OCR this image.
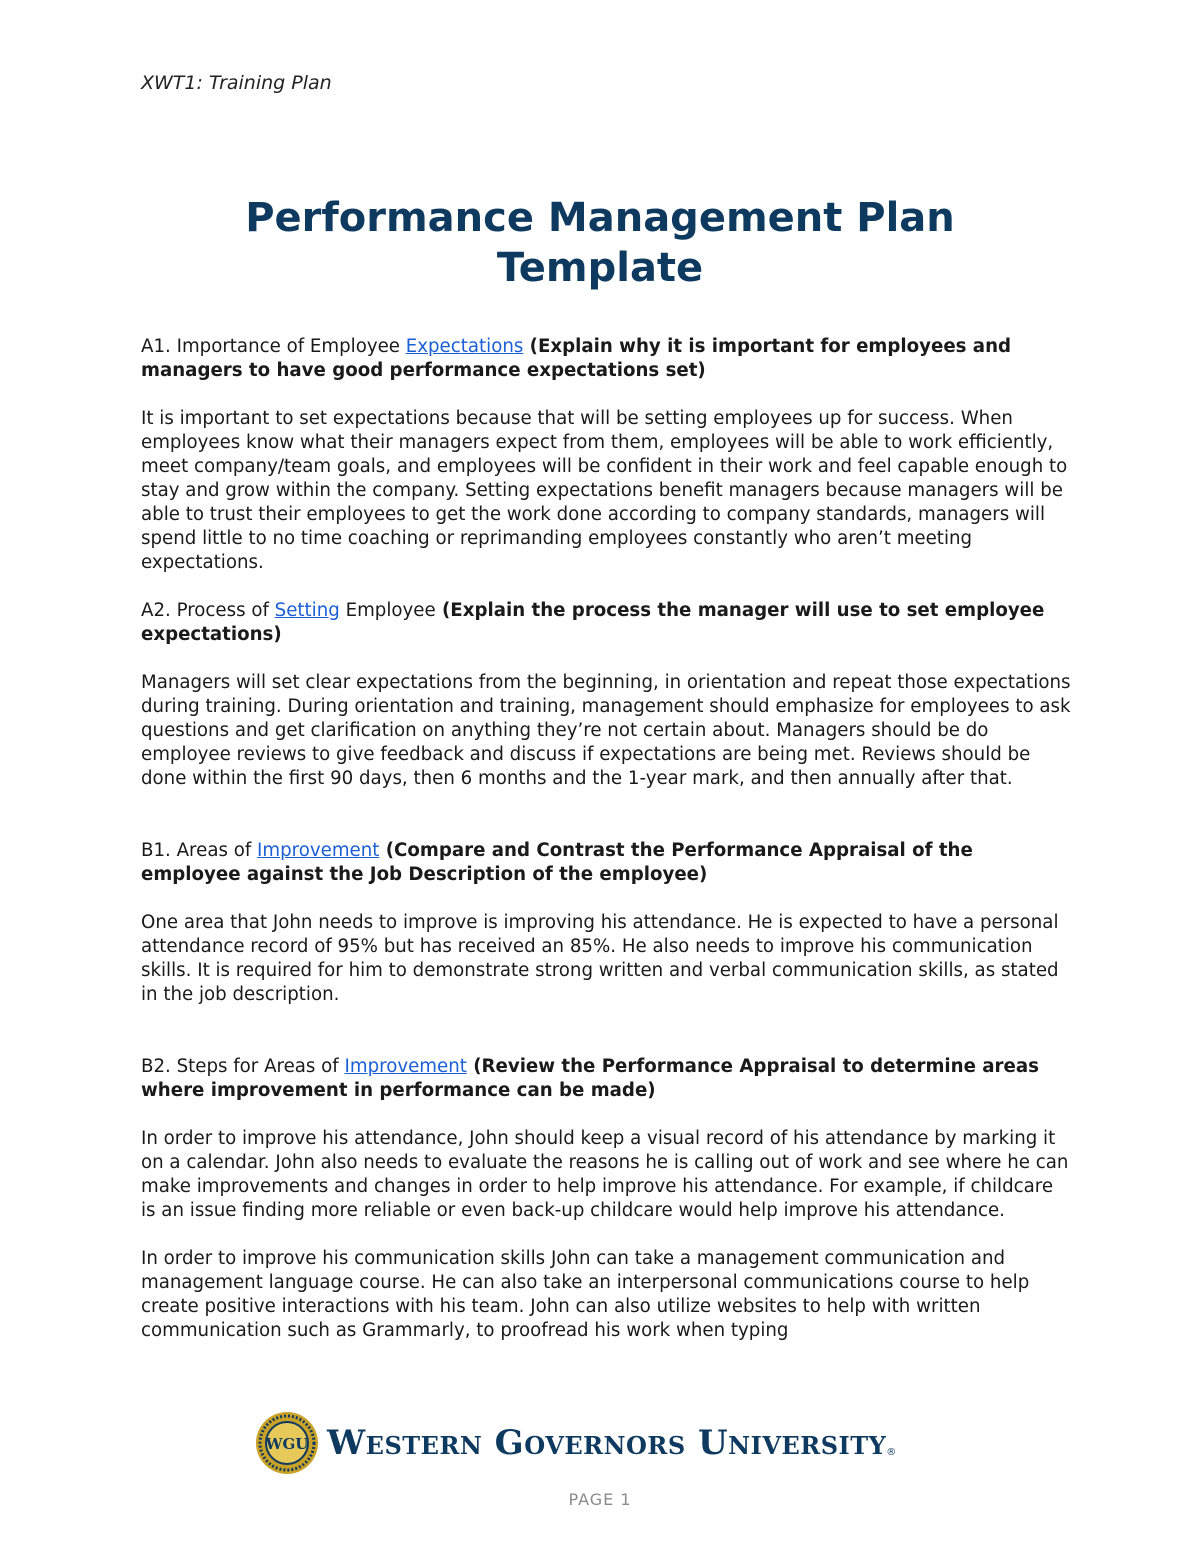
XWT1: Training Plan
Performance Management Plan
Template

A1. Importance of Employee Expectations (Explain why it is important for employees and managers to have good performance expectations set)

It is important to set expectations because that will be setting employees up for success. When employees know what their managers expect from them, employees will be able to work efficiently, meet company/team goals, and employees will be confident in their work and feel capable enough to stay and grow within the company. Setting expectations benefit managers because managers will be able to trust their employees to get the work done according to company standards, managers will spend little to no time coaching or reprimanding employees constantly who aren’t meeting expectations.

A2. Process of Setting Employee (Explain the process the manager will use to set employee expectations)

Managers will set clear expectations from the beginning, in orientation and repeat those expectations during training. During orientation and training, management should emphasize for employees to ask questions and get clarification on anything they’re not certain about. Managers should be do employee reviews to give feedback and discuss if expectations are being met. Reviews should be done within the first 90 days, then 6 months and the 1-year mark, and then annually after that.

B1. Areas of Improvement (Compare and Contrast the Performance Appraisal of the employee against the Job Description of the employee)

One area that John needs to improve is improving his attendance. He is expected to have a personal attendance record of 95% but has received an 85%. He also needs to improve his communication skills. It is required for him to demonstrate strong written and verbal communication skills, as stated in the job description.

B2. Steps for Areas of Improvement (Review the Performance Appraisal to determine areas where improvement in performance can be made)

In order to improve his attendance, John should keep a visual record of his attendance by marking it on a calendar. John also needs to evaluate the reasons he is calling out of work and see where he can make improvements and changes in order to help improve his attendance. For example, if childcare is an issue finding more reliable or even back-up childcare would help improve his attendance.

In order to improve his communication skills John can take a management communication and management language course. He can also take an interpersonal communications course to help create positive interactions with his team. John can also utilize websites to help with written communication such as Grammarly, to proofread his work when typing

WGU Western Governors University ®
PAGE 1
